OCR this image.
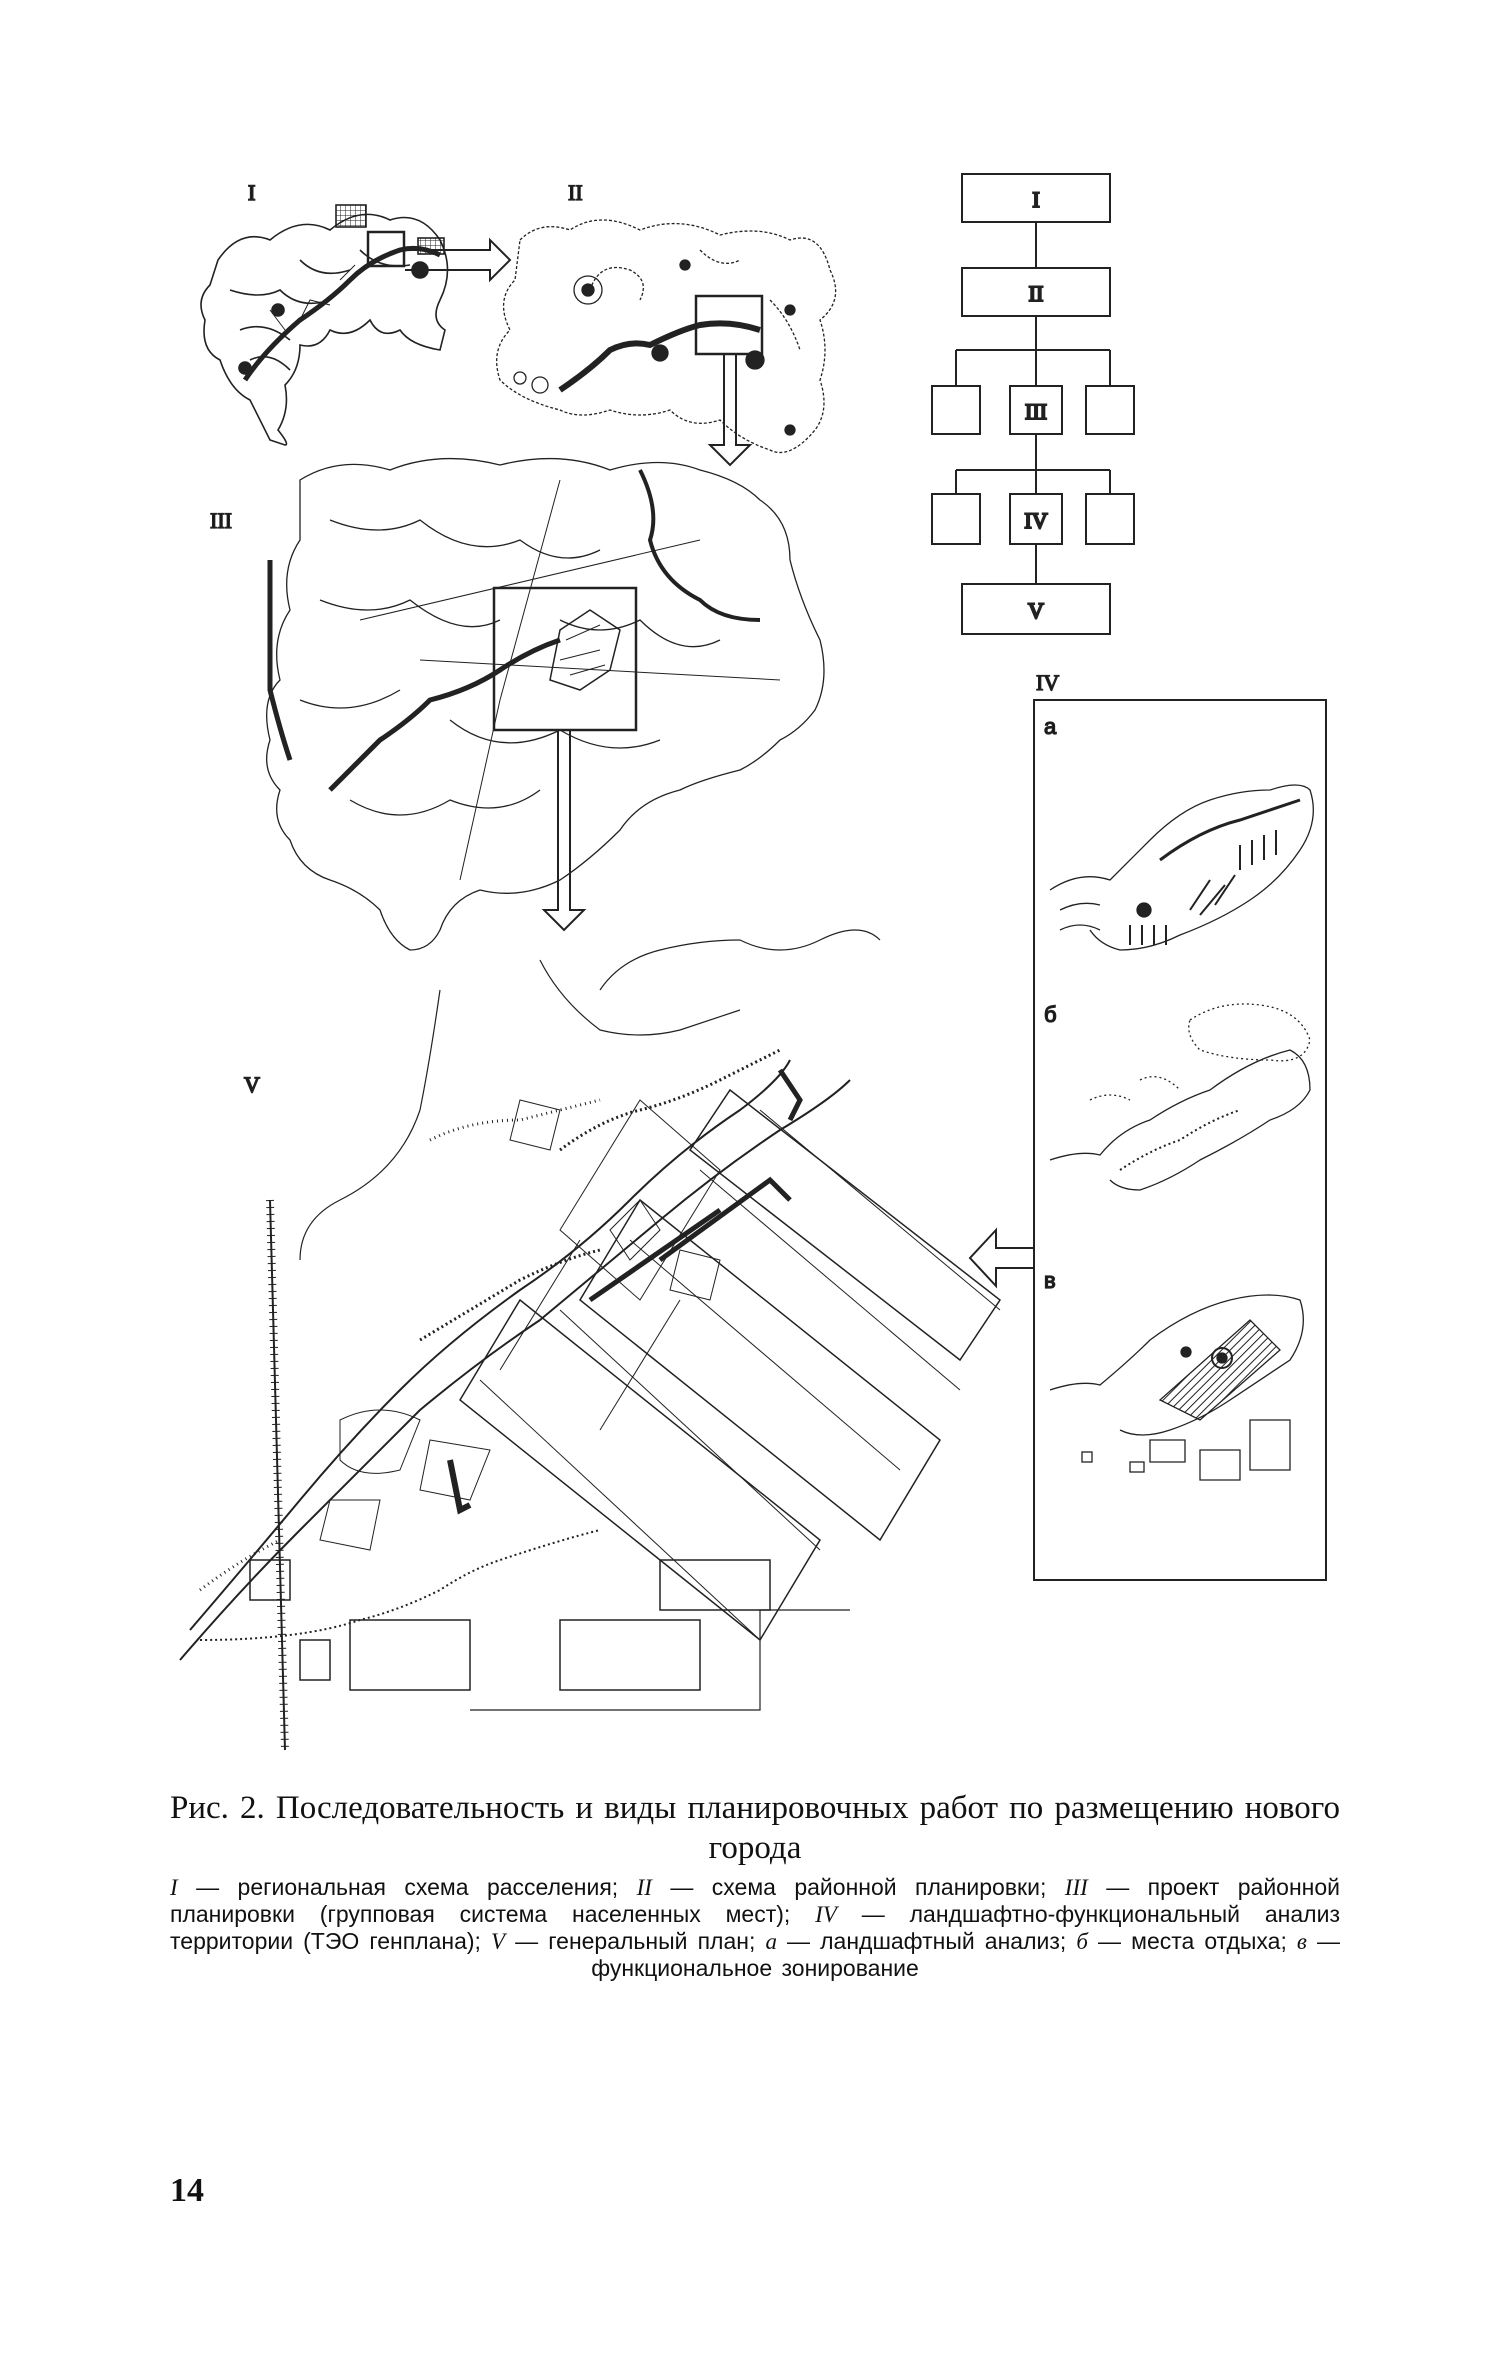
I	II
III
I
II
III
IV
V
IV
а
б
в
V

Рис. 2. Последовательность и виды планировочных работ по размещению нового города

I — региональная схема расселения; II — схема районной планировки; III — проект районной планировки (групповая система населенных мест); IV — ландшафтно-функциональный анализ территории (ТЭО генплана); V — генеральный план; а — ландшафтный анализ; б — места отдыха; в — функциональное зонирование

14
